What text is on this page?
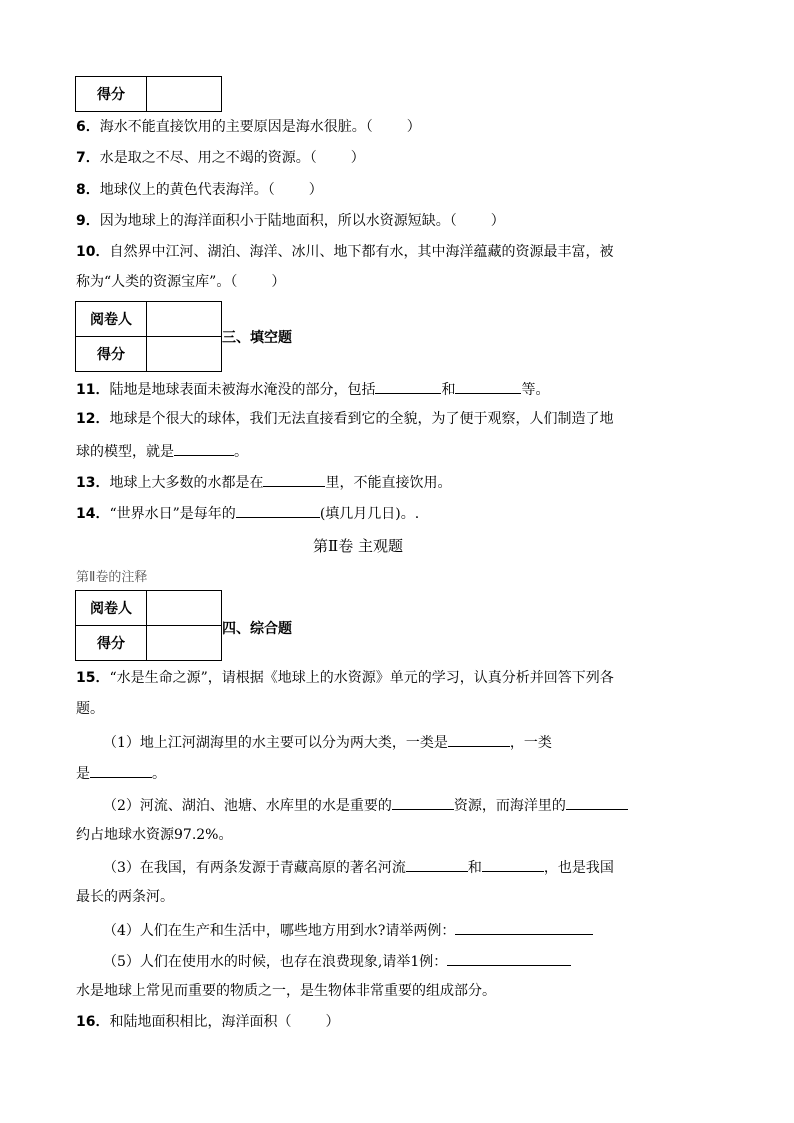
得分	
6．海水不能直接饮用的主要原因是海水很脏。（ ）
7．水是取之不尽、用之不竭的资源。（ ）
8．地球仪上的黄色代表海洋。（ ）
9．因为地球上的海洋面积小于陆地面积，所以水资源短缺。（ ）
10．自然界中江河、湖泊、海洋、冰川、地下都有水，其中海洋蕴藏的资源最丰富，被
称为“人类的资源宝库”。（ ）
阅卷人	
得分	
三、填空题
11．陆地是地球表面未被海水淹没的部分，包括	和	等。
12．地球是个很大的球体，我们无法直接看到它的全貌，为了便于观察，人们制造了地
球的模型，就是	。
13．地球上大多数的水都是在	里，不能直接饮用。
14．“世界水日”是每年的	(填几月几日)。.
第Ⅱ卷 主观题
第Ⅱ卷的注释
阅卷人	
得分	
四、综合题
15．“水是生命之源”，请根据《地球上的水资源》单元的学习，认真分析并回答下列各
题。
（1）地上江河湖海里的水主要可以分为两大类，一类是	，一类
是	。
（2）河流、湖泊、池塘、水库里的水是重要的	资源，而海洋里的
约占地球水资源97.2%。
（3）在我国，有两条发源于青藏高原的著名河流	和	，也是我国
最长的两条河。
（4）人们在生产和生活中，哪些地方用到水?请举两例：
（5）人们在使用水的时候，也存在浪费现象,请举1例：
水是地球上常见而重要的物质之一，是生物体非常重要的组成部分。
16．和陆地面积相比，海洋面积（ ）
